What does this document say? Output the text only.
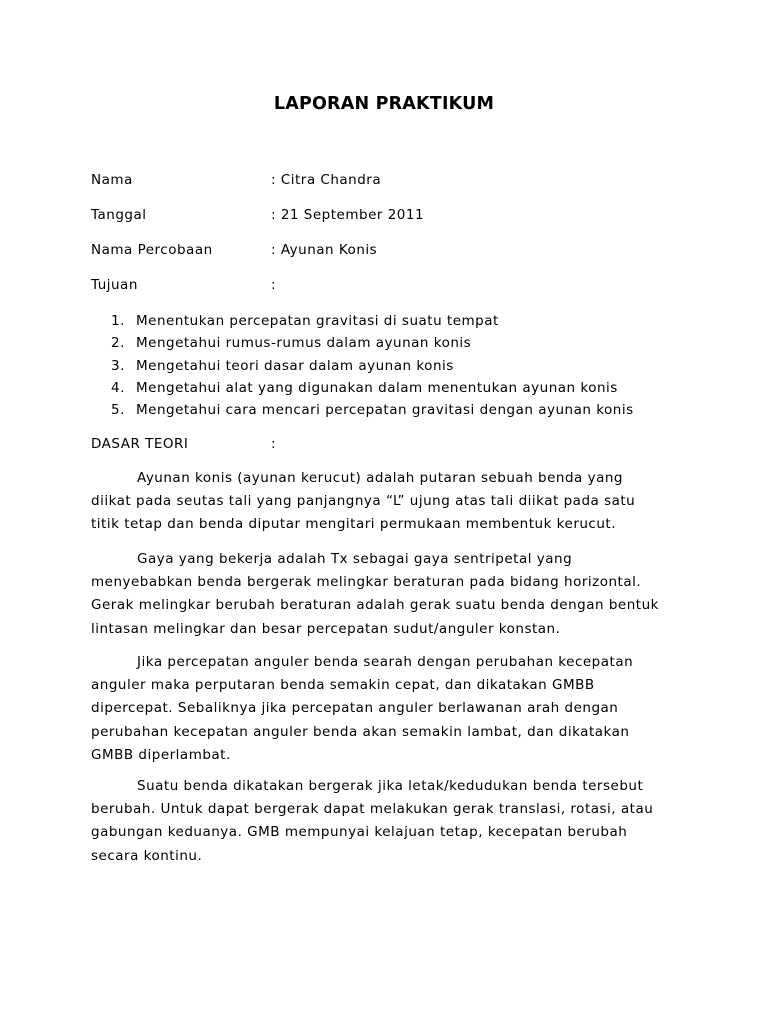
LAPORAN PRAKTIKUM
Nama	: Citra Chandra
Tanggal	: 21 September 2011
Nama Percobaan	: Ayunan Konis
Tujuan	:
1. Menentukan percepatan gravitasi di suatu tempat
2. Mengetahui rumus-rumus dalam ayunan konis
3. Mengetahui teori dasar dalam ayunan konis
4. Mengetahui alat yang digunakan dalam menentukan ayunan konis
5. Mengetahui cara mencari percepatan gravitasi dengan ayunan konis
DASAR TEORI	:

Ayunan konis (ayunan kerucut) adalah putaran sebuah benda yang
diikat pada seutas tali yang panjangnya “L” ujung atas tali diikat pada satu
titik tetap dan benda diputar mengitari permukaan membentuk kerucut.

Gaya yang bekerja adalah Tx sebagai gaya sentripetal yang
menyebabkan benda bergerak melingkar beraturan pada bidang horizontal.
Gerak melingkar berubah beraturan adalah gerak suatu benda dengan bentuk
lintasan melingkar dan besar percepatan sudut/anguler konstan.

Jika percepatan anguler benda searah dengan perubahan kecepatan
anguler maka perputaran benda semakin cepat, dan dikatakan GMBB
dipercepat. Sebaliknya jika percepatan anguler berlawanan arah dengan
perubahan kecepatan anguler benda akan semakin lambat, dan dikatakan
GMBB diperlambat.

Suatu benda dikatakan bergerak jika letak/kedudukan benda tersebut
berubah. Untuk dapat bergerak dapat melakukan gerak translasi, rotasi, atau
gabungan keduanya. GMB mempunyai kelajuan tetap, kecepatan berubah
secara kontinu.
